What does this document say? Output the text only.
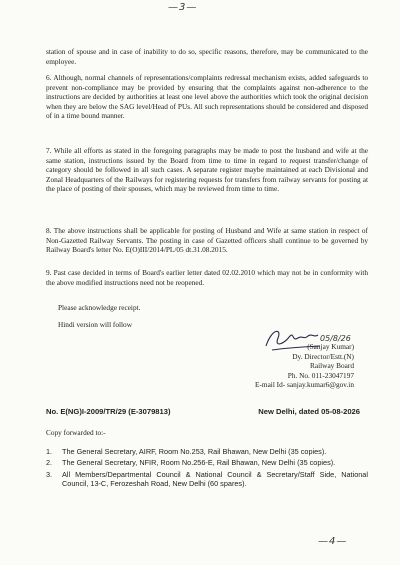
—3—

station of spouse and in case of inability to do so, specific reasons, therefore, may be communicated to the employee.

6. Although, normal channels of representations/complaints redressal mechanism exists, added safeguards to prevent non-compliance may be provided by ensuring that the complaints against non-adherence to the instructions are decided by authorities at least one level above the authorities which took the original decision when they are below the SAG level/Head of PUs. All such representations should be considered and disposed of in a time bound manner.

7. While all efforts as stated in the foregoing paragraphs may be made to post the husband and wife at the same station, instructions issued by the Board from time to time in regard to request transfer/change of category should be followed in all such cases. A separate register maybe maintained at each Divisional and Zonal Headquarters of the Railways for registering requests for transfers from railway servants for posting at the place of posting of their spouses, which may be reviewed from time to time.

8. The above instructions shall be applicable for posting of Husband and Wife at same station in respect of Non-Gazetted Railway Servants. The posting in case of Gazetted officers shall continue to be governed by Railway Board's letter No. E(O)III/2014/PL/05 dt.31.08.2015.

9. Past case decided in terms of Board's earlier letter dated 02.02.2010 which may not be in conformity with the above modified instructions need not be reopened.

Please acknowledge receipt.
Hindi version will follow
05/8/26
(Sanjay Kumar)
Dy. Director/Estt.(N)
Railway Board
Ph. No. 011-23047197
E-mail Id- sanjay.kumar6@gov.in
No. E(NG)I-2009/TR/29 (E-3079813)	New Delhi, dated 05-08-2026
Copy forwarded to:-
1. The General Secretary, AIRF, Room No.253, Rail Bhawan, New Delhi (35 copies).
2. The General Secretary, NFIR, Room No.256-E, Rail Bhawan, New Delhi (35 copies).
3. All Members/Departmental Council & National Council & Secretary/Staff Side, National Council, 13-C, Ferozeshah Road, New Delhi (60 spares).
—4—
